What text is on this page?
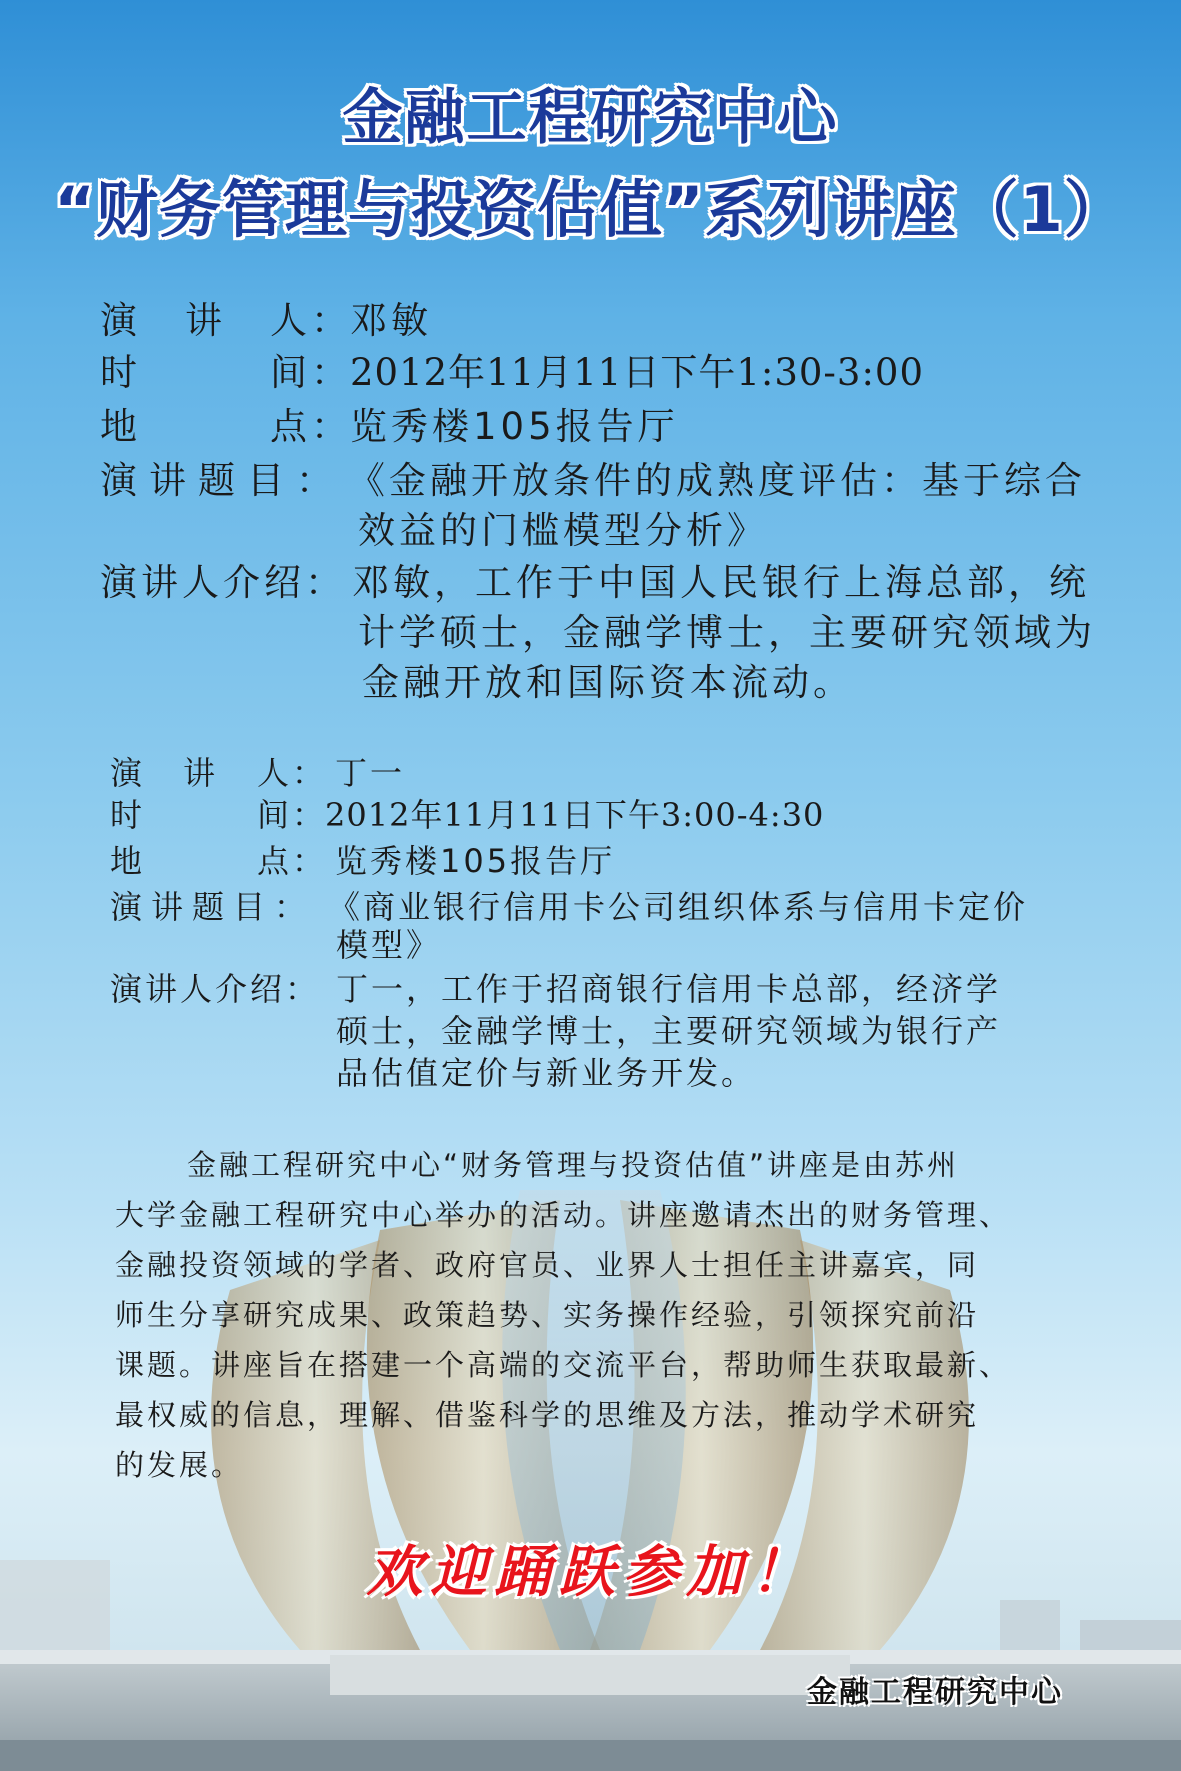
金融工程研究中心
“财务管理与投资估值”系列讲座（1）
演 讲 人：
邓敏
时	间：
2012年11月11日下午1:30-3:00
地	点：
览秀楼105报告厅
演讲题目： 《金融开放条件的成熟度评估：基于综合
效益的门槛模型分析》
演讲人介绍： 邓敏，工作于中国人民银行上海总部，统
计学硕士，金融学博士，主要研究领域为
金融开放和国际资本流动。
演 讲 人： 丁一
时	间：
2012年11月11日下午3:00-4:30
地	点： 览秀楼105报告厅
演讲题目： 《商业银行信用卡公司组织体系与信用卡定价
模型》
演讲人介绍： 丁一，工作于招商银行信用卡总部，经济学
硕士，金融学博士，主要研究领域为银行产
品估值定价与新业务开发。
金融工程研究中心“财务管理与投资估值”讲座是由苏州
大学金融工程研究中心举办的活动。讲座邀请杰出的财务管理、
金融投资领域的学者、政府官员、业界人士担任主讲嘉宾，同
师生分享研究成果、政策趋势、实务操作经验，引领探究前沿
课题。讲座旨在搭建一个高端的交流平台，帮助师生获取最新、
最权威的信息，理解、借鉴科学的思维及方法，推动学术研究
的发展。
欢迎踊跃参加！
金融工程研究中心
